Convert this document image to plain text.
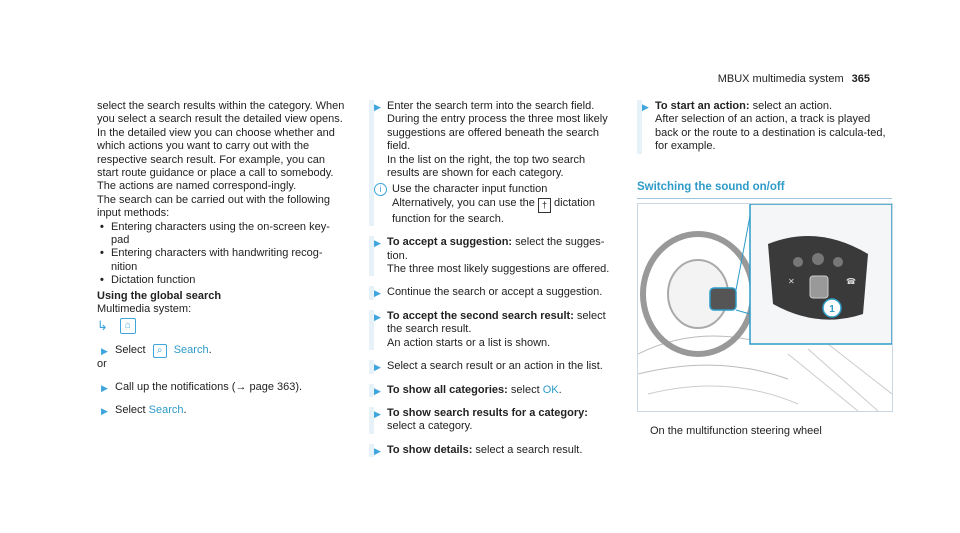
MBUX multimedia system 365

select the search results within the category. When you select a search result the detailed view opens. In the detailed view you can choose whether and which actions you want to carry out with the respective search result. For example, you can start route guidance or place a call to somebody. The actions are named correspond-ingly.

The search can be carried out with the following input methods:

• Entering characters using the on-screen key-pad
• Entering characters with handwriting recog-nition
• Dictation function

Using the global search

Multimedia system:

↳	⌂
▶ Select ⌕ Search.

or

▶ Call up the notifications (→ page 363).
▶ Select Search.
▶ Enter the search term into the search field.

During the entry process the three most likely suggestions are offered beneath the search field.

In the list on the right, the top two search results are shown for each category.

i Use the character input function

Alternatively, you can use the † dictation function for the search.

▶ To accept a suggestion: select the sugges-tion.

The three most likely suggestions are offered.

▶ Continue the search or accept a suggestion.

▶ To accept the second search result: select the search result.

An action starts or a list is shown.

▶ Select a search result or an action in the list.

▶ To show all categories: select OK.

▶ To show search results for a category: select a category.

▶ To show details: select a search result.

▶ To start an action: select an action.

After selection of an action, a track is played back or the route to a destination is calcula-ted, for example.

Switching the sound on/off
✕	☎
1
On the multifunction steering wheel
